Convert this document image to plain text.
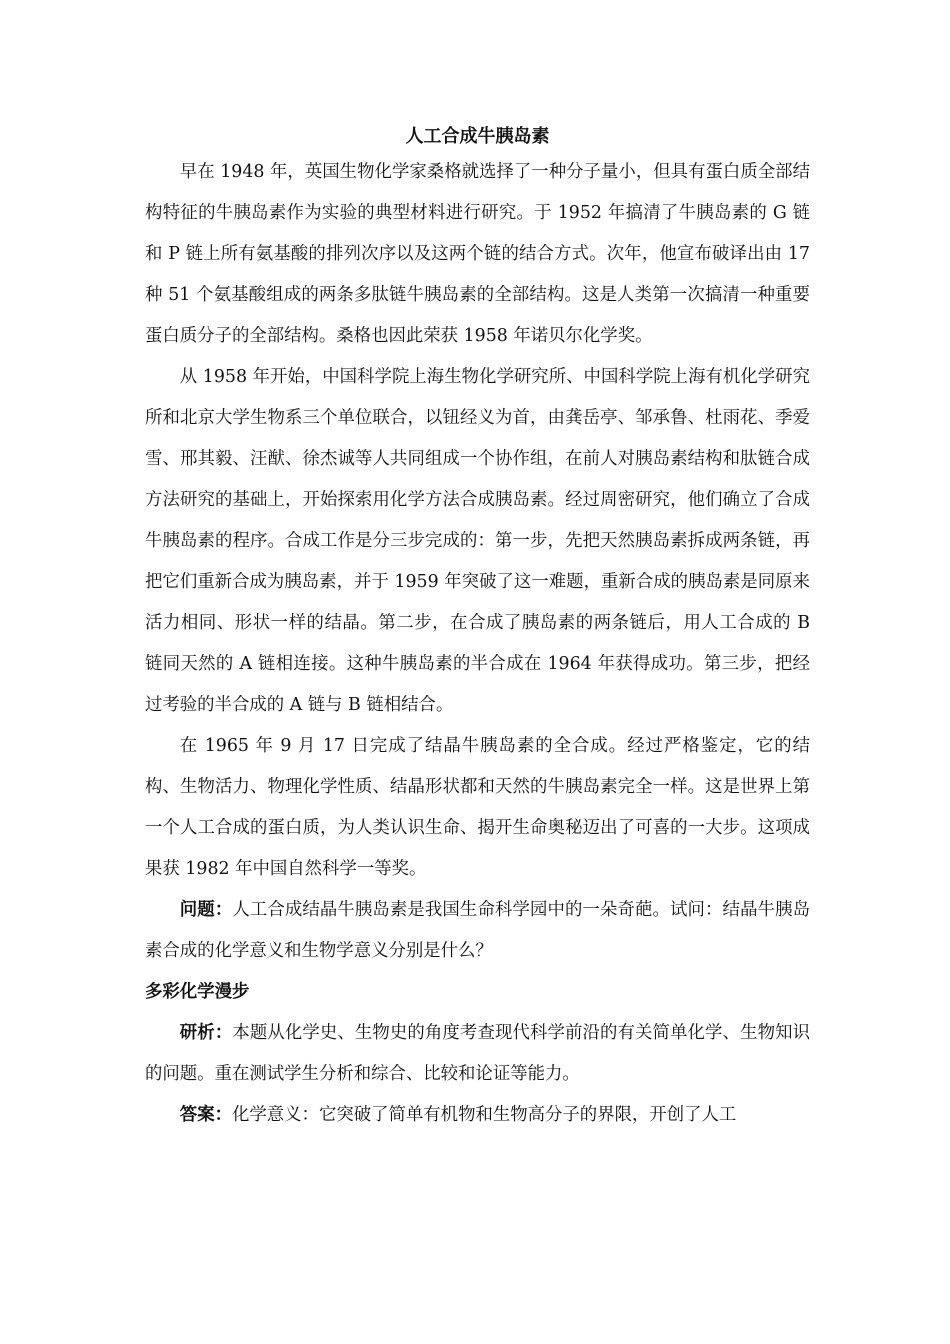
人工合成牛胰岛素

早在 1948 年，英国生物化学家桑格就选择了一种分子量小，但具有蛋白质全部结构特征的牛胰岛素作为实验的典型材料进行研究。于 1952 年搞清了牛胰岛素的 G 链和 P 链上所有氨基酸的排列次序以及这两个链的结合方式。次年，他宣布破译出由 17 种 51 个氨基酸组成的两条多肽链牛胰岛素的全部结构。这是人类第一次搞清一种重要蛋白质分子的全部结构。桑格也因此荣获 1958 年诺贝尔化学奖。

从 1958 年开始，中国科学院上海生物化学研究所、中国科学院上海有机化学研究所和北京大学生物系三个单位联合，以钮经义为首，由龚岳亭、邹承鲁、杜雨花、季爱雪、邢其毅、汪猷、徐杰诚等人共同组成一个协作组，在前人对胰岛素结构和肽链合成方法研究的基础上，开始探索用化学方法合成胰岛素。经过周密研究，他们确立了合成牛胰岛素的程序。合成工作是分三步完成的：第一步，先把天然胰岛素拆成两条链，再把它们重新合成为胰岛素，并于 1959 年突破了这一难题，重新合成的胰岛素是同原来活力相同、形状一样的结晶。第二步，在合成了胰岛素的两条链后，用人工合成的 B 链同天然的 A 链相连接。这种牛胰岛素的半合成在 1964 年获得成功。第三步，把经过考验的半合成的 A 链与 B 链相结合。

在 1965 年 9 月 17 日完成了结晶牛胰岛素的全合成。经过严格鉴定，它的结构、生物活力、物理化学性质、结晶形状都和天然的牛胰岛素完全一样。这是世界上第一个人工合成的蛋白质，为人类认识生命、揭开生命奥秘迈出了可喜的一大步。这项成果获 1982 年中国自然科学一等奖。

问题：人工合成结晶牛胰岛素是我国生命科学园中的一朵奇葩。试问：结晶牛胰岛素合成的化学意义和生物学意义分别是什么？

多彩化学漫步

研析：本题从化学史、生物史的角度考查现代科学前沿的有关简单化学、生物知识的问题。重在测试学生分析和综合、比较和论证等能力。

答案：化学意义：它突破了简单有机物和生物高分子的界限，开创了人工
